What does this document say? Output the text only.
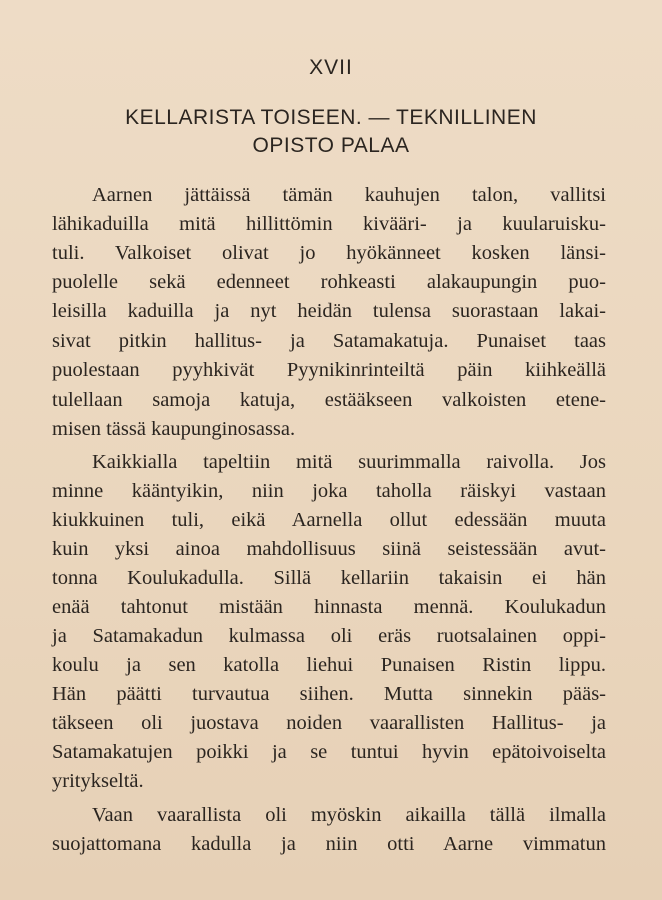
XVII
KELLARISTA TOISEEN. — TEKNILLINEN
OPISTO PALAA
Aarnen jättäissä tämän kauhujen talon, vallitsi
lähikaduilla mitä hillittömin kivääri- ja kuularuisku-
tuli. Valkoiset olivat jo hyökänneet kosken länsi-
puolelle sekä edenneet rohkeasti alakaupungin puo-
leisilla kaduilla ja nyt heidän tulensa suorastaan lakai-
sivat pitkin hallitus- ja Satamakatuja. Punaiset taas
puolestaan pyyhkivät Pyynikinrinteiltä päin kiihkeällä
tulellaan samoja katuja, estääkseen valkoisten etene-
misen tässä kaupunginosassa.
Kaikkialla tapeltiin mitä suurimmalla raivolla. Jos
minne kääntyikin, niin joka taholla räiskyi vastaan
kiukkuinen tuli, eikä Aarnella ollut edessään muuta
kuin yksi ainoa mahdollisuus siinä seistessään avut-
tonna Koulukadulla. Sillä kellariin takaisin ei hän
enää tahtonut mistään hinnasta mennä. Koulukadun
ja Satamakadun kulmassa oli eräs ruotsalainen oppi-
koulu ja sen katolla liehui Punaisen Ristin lippu.
Hän päätti turvautua siihen. Mutta sinnekin pääs-
täkseen oli juostava noiden vaarallisten Hallitus- ja
Satamakatujen poikki ja se tuntui hyvin epätoivoiselta
yritykseltä.
Vaan vaarallista oli myöskin aikailla tällä ilmalla
suojattomana kadulla ja niin otti Aarne vimmatun
